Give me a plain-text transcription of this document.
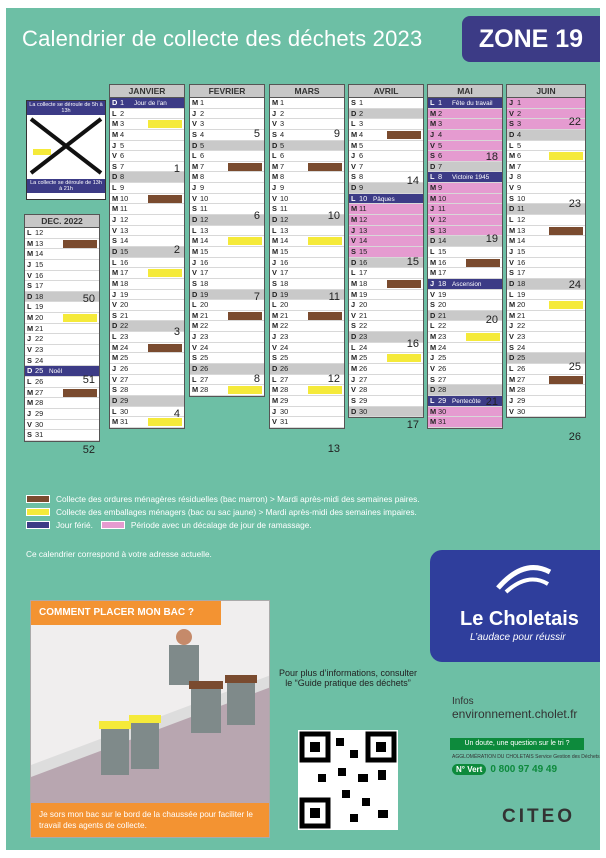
Calendrier de collecte des déchets 2023	ZONE 19
La collecte se déroule de 5h à 13h
La collecte se déroule de 13h à 21h
DEC. 2022
L 12
M 13
M 14
J 15
V 16
S 17
D 18
L 19
M 20
M 21
J 22
V 23
S 24
D 25 Noël
L 26
M 27
M 28
J 29
V 30
S 31
50
51
52
JANVIER
D 1 Jour de l'an
L 2
M 3
M 4
J 5
V 6
S 7
D 8
L 9
M 10
M 11
J 12
V 13
S 14
D 15
L 16
M 17
M 18
J 19
V 20
S 21
D 22
L 23
M 24
M 25
J 26
V 27
S 28
D 29
L 30
M 31
1
2
3
4
FEVRIER
M 1
J 2
V 3
S 4
D 5
L 6
M 7
M 8
J 9
V 10
S 11
D 12
L 13
M 14
M 15
J 16
V 17
S 18
D 19
L 20
M 21
M 22
J 23
V 24
S 25
D 26
L 27
M 28
5
6
7
8
MARS
M 1
J 2
V 3
S 4
D 5
L 6
M 7
M 8
J 9
V 10
S 11
D 12
L 13
M 14
M 15
J 16
V 17
S 18
D 19
L 20
M 21
M 22
J 23
V 24
S 25
D 26
L 27
M 28
M 29
J 30
V 31
9
10
11
12
13
AVRIL
S 1
D 2
L 3
M 4
M 5
J 6
V 7
S 8
D 9
L 10 Pâques
M 11
M 12
J 13
V 14
S 15
D 16
L 17
M 18
M 19
J 20
V 21
S 22
D 23
L 24
M 25
M 26
J 27
V 28
S 29
D 30
14
15
16
17
MAI
L 1 Fête du travail
M 2
M 3
J 4
V 5
S 6
D 7
L 8 Victoire 1945
M 9
M 10
J 11
V 12
S 13
D 14
L 15
M 16
M 17
J 18 Ascension
V 19
S 20
D 21
L 22
M 23
M 24
J 25
V 26
S 27
D 28
L 29 Pentecôte
M 30
M 31
18
19
20
21
JUIN
J 1
V 2
S 3
D 4
L 5
M 6
M 7
J 8
V 9
S 10
D 11
L 12
M 13
M 14
J 15
V 16
S 17
D 18
L 19
M 20
M 21
J 22
V 23
S 24
D 25
L 26
M 27
M 28
J 29
V 30
22
23
24
25
26
Collecte des ordures ménagères résiduelles (bac marron) > Mardi après-midi des semaines paires.
Collecte des emballages ménagers (bac ou sac jaune) > Mardi après-midi des semaines impaires.
Jour férié.	Période avec un décalage de jour de ramassage.
Ce calendrier correspond à votre adresse actuelle.
COMMENT PLACER MON BAC ?
Je sors mon bac sur le bord de la chaussée pour faciliter le travail des agents de collecte.
Pour plus d’informations, consulter le “Guide pratique des déchets”
Le Choletais
L’audace pour réussir
Infos
environnement.cholet.fr
Un doute, une question sur le tri ?
AGGLOMÉRATION DU CHOLETAIS Service Gestion des Déchets
N° Vert 0 800 97 49 49
CITEO
